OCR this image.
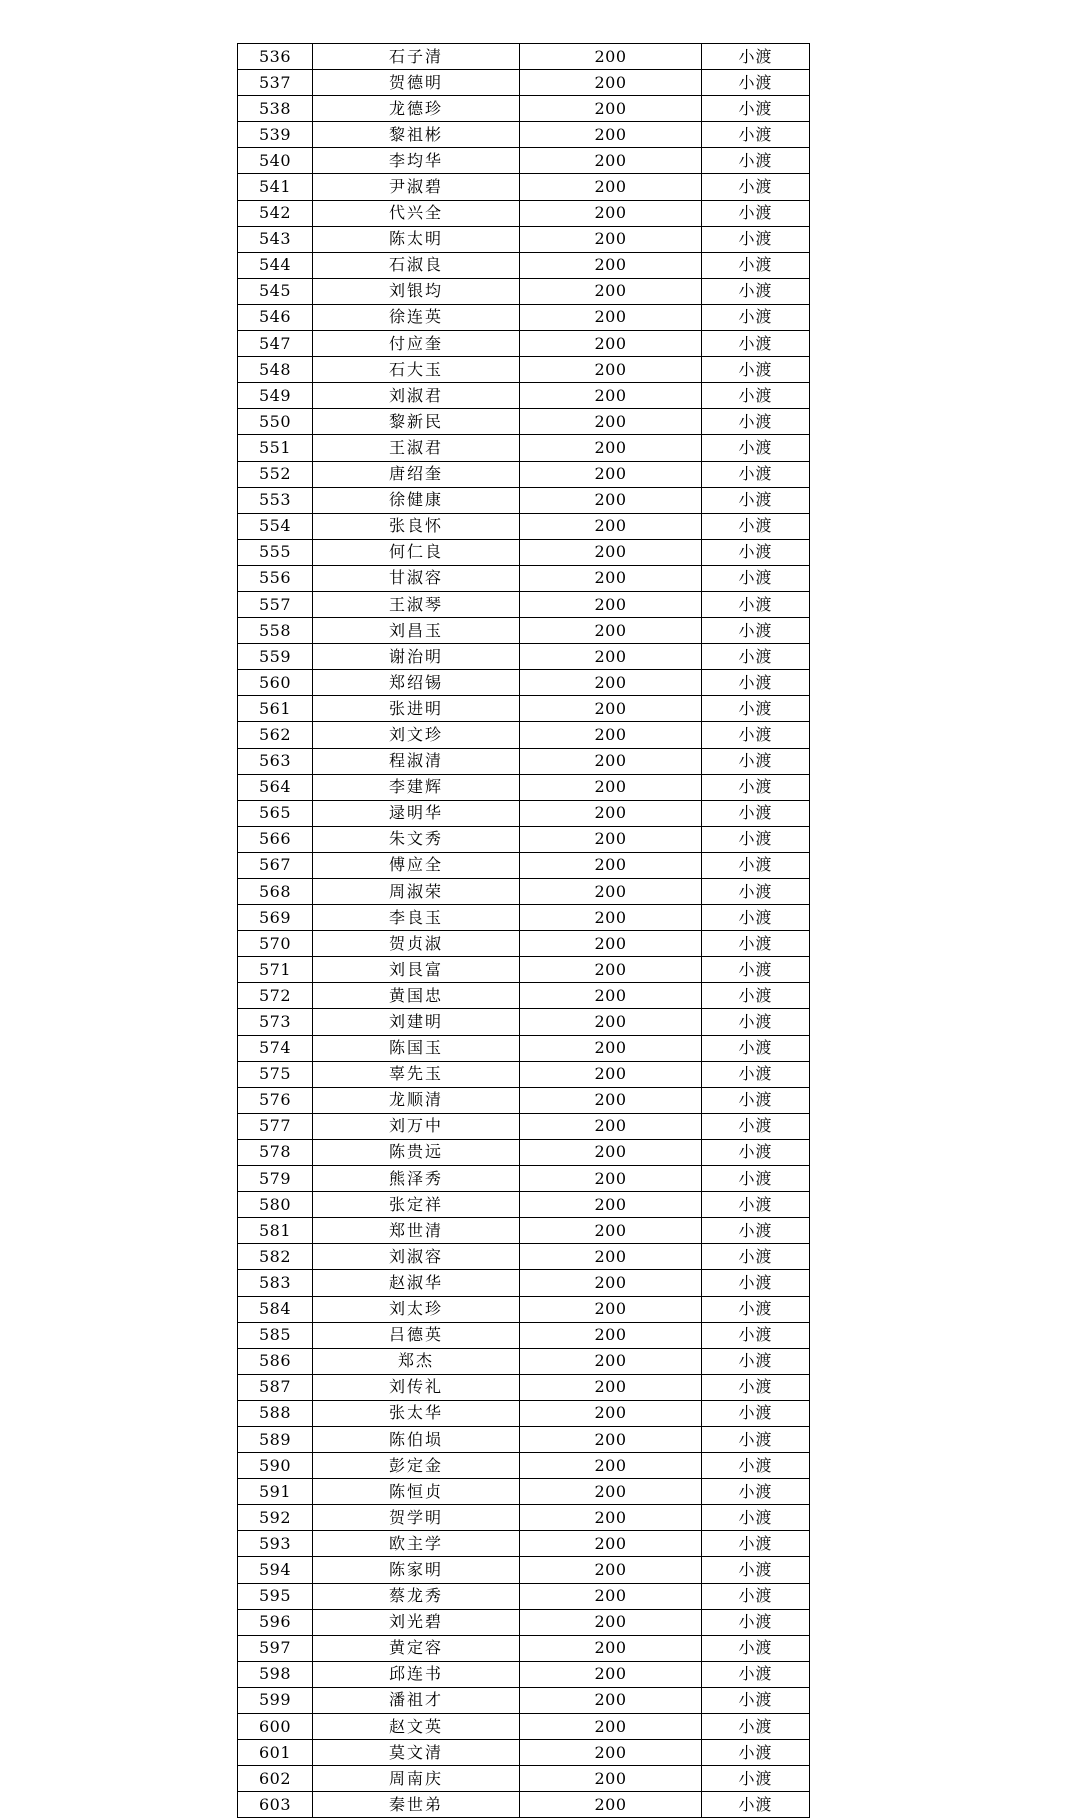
536	石子清	200	小渡
537	贺德明	200	小渡
538	龙德珍	200	小渡
539	黎祖彬	200	小渡
540	李均华	200	小渡
541	尹淑碧	200	小渡
542	代兴全	200	小渡
543	陈太明	200	小渡
544	石淑良	200	小渡
545	刘银均	200	小渡
546	徐连英	200	小渡
547	付应奎	200	小渡
548	石大玉	200	小渡
549	刘淑君	200	小渡
550	黎新民	200	小渡
551	王淑君	200	小渡
552	唐绍奎	200	小渡
553	徐健康	200	小渡
554	张良怀	200	小渡
555	何仁良	200	小渡
556	甘淑容	200	小渡
557	王淑琴	200	小渡
558	刘昌玉	200	小渡
559	谢治明	200	小渡
560	郑绍锡	200	小渡
561	张进明	200	小渡
562	刘文珍	200	小渡
563	程淑清	200	小渡
564	李建辉	200	小渡
565	逯明华	200	小渡
566	朱文秀	200	小渡
567	傅应全	200	小渡
568	周淑荣	200	小渡
569	李良玉	200	小渡
570	贺贞淑	200	小渡
571	刘艮富	200	小渡
572	黄国忠	200	小渡
573	刘建明	200	小渡
574	陈国玉	200	小渡
575	辜先玉	200	小渡
576	龙顺清	200	小渡
577	刘万中	200	小渡
578	陈贵远	200	小渡
579	熊泽秀	200	小渡
580	张定祥	200	小渡
581	郑世清	200	小渡
582	刘淑容	200	小渡
583	赵淑华	200	小渡
584	刘太珍	200	小渡
585	吕德英	200	小渡
586	郑杰	200	小渡
587	刘传礼	200	小渡
588	张太华	200	小渡
589	陈伯埙	200	小渡
590	彭定金	200	小渡
591	陈恒贞	200	小渡
592	贺学明	200	小渡
593	欧主学	200	小渡
594	陈家明	200	小渡
595	蔡龙秀	200	小渡
596	刘光碧	200	小渡
597	黄定容	200	小渡
598	邱连书	200	小渡
599	潘祖才	200	小渡
600	赵文英	200	小渡
601	莫文清	200	小渡
602	周南庆	200	小渡
603	秦世弟	200	小渡
